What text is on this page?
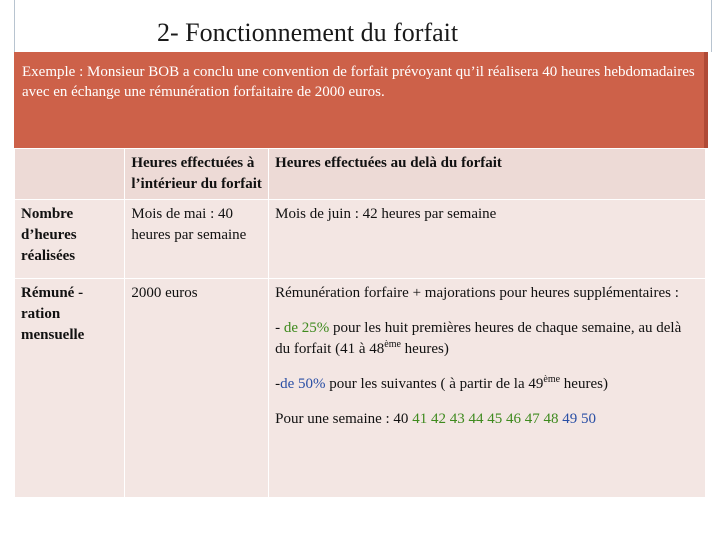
2- Fonctionnement du forfait
Exemple : Monsieur BOB a conclu une convention de forfait prévoyant qu’il réalisera 40 heures hebdomadaires avec en échange une rémunération forfaitaire de 2000 euros.
	Heures effectuées à l’intérieur du forfait	Heures effectuées au delà du forfait
Nombre d’heures réalisées	Mois de mai : 40 heures par semaine	Mois de juin : 42 heures par semaine
Rémuné - ration mensuelle	2000 euros	Rémunération forfaire + majorations pour heures supplémentaires :
- de 25% pour les huit premières heures de chaque semaine, au delà du forfait (41 à 48ème heures)
-de 50% pour les suivantes ( à partir de la 49ème heures)
Pour une semaine : 40 41 42 43 44 45 46 47 48 49 50
